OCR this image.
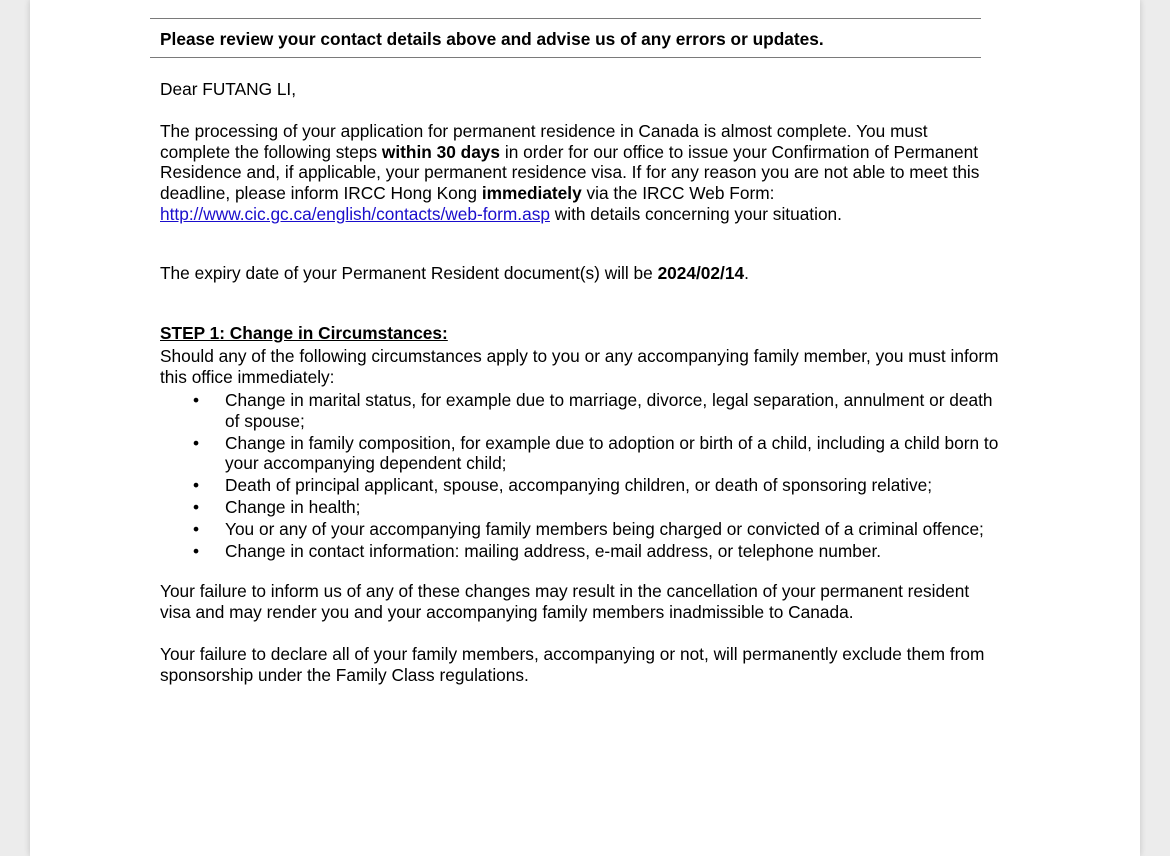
Please review your contact details above and advise us of any errors or updates.

Dear FUTANG LI,

The processing of your application for permanent residence in Canada is almost complete. You must complete the following steps within 30 days in order for our office to issue your Confirmation of Permanent Residence and, if applicable, your permanent residence visa. If for any reason you are not able to meet this deadline, please inform IRCC Hong Kong immediately via the IRCC Web Form: http://www.cic.gc.ca/english/contacts/web-form.asp with details concerning your situation.

The expiry date of your Permanent Resident document(s) will be 2024/02/14.

STEP 1: Change in Circumstances:

Should any of the following circumstances apply to you or any accompanying family member, you must inform this office immediately:

• Change in marital status, for example due to marriage, divorce, legal separation, annulment or death of spouse;
• Change in family composition, for example due to adoption or birth of a child, including a child born to your accompanying dependent child;
• Death of principal applicant, spouse, accompanying children, or death of sponsoring relative;
• Change in health;
• You or any of your accompanying family members being charged or convicted of a criminal offence;
• Change in contact information: mailing address, e-mail address, or telephone number.

Your failure to inform us of any of these changes may result in the cancellation of your permanent resident visa and may render you and your accompanying family members inadmissible to Canada.

Your failure to declare all of your family members, accompanying or not, will permanently exclude them from sponsorship under the Family Class regulations.
